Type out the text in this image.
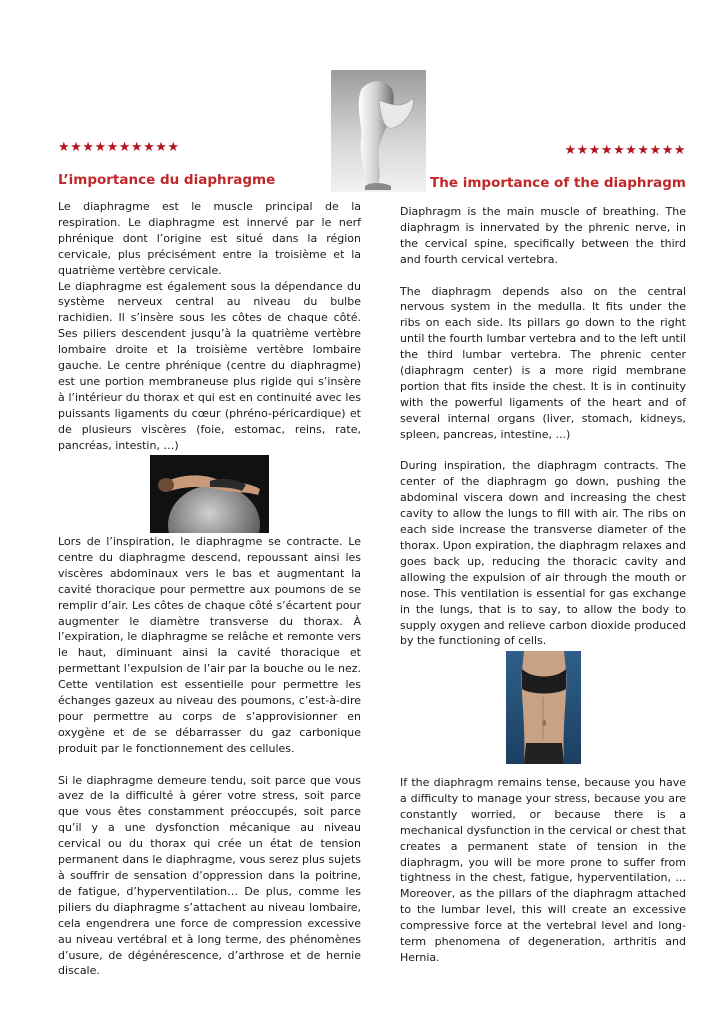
★★★★★★★★★★
L’importance du diaphragme

Le diaphragme est le muscle principal de la respiration. Le diaphragme est innervé par le nerf phrénique dont l’origine est situé dans la région cervicale, plus précisément entre la troisième et la quatrième vertèbre cervicale.

Le diaphragme est également sous la dépendance du système nerveux central au niveau du bulbe rachidien. Il s’insère sous les côtes de chaque côté. Ses piliers descendent jusqu’à la quatrième vertèbre lombaire droite et la troisième vertèbre lombaire gauche. Le centre phrénique (centre du diaphragme) est une portion membraneuse plus rigide qui s’insère à l’intérieur du thorax et qui est en continuité avec les puissants ligaments du cœur (phréno-péricardique) et de plusieurs viscères (foie, estomac, reins, rate, pancréas, intestin, …)

Lors de l’inspiration, le diaphragme se contracte. Le centre du diaphragme descend, repoussant ainsi les viscères abdominaux vers le bas et augmentant la cavité thoracique pour permettre aux poumons de se remplir d’air. Les côtes de chaque côté s’écartent pour augmenter le diamètre transverse du thorax. À l’expiration, le diaphragme se relâche et remonte vers le haut, diminuant ainsi la cavité thoracique et permettant l’expulsion de l’air par la bouche ou le nez. Cette ventilation est essentielle pour permettre les échanges gazeux au niveau des poumons, c’est-à-dire pour permettre au corps de s’approvisionner en oxygène et de se débarrasser du gaz carbonique produit par le fonctionnement des cellules.

Si le diaphragme demeure tendu, soit parce que vous avez de la difficulté à gérer votre stress, soit parce que vous êtes constamment préoccupés, soit parce qu’il y a une dysfonction mécanique au niveau cervical ou du thorax qui crée un état de tension permanent dans le diaphragme, vous serez plus sujets à souffrir de sensation d’oppression dans la poitrine, de fatigue, d’hyperventilation… De plus, comme les piliers du diaphragme s’attachent au niveau lombaire, cela engendrera une force de compression excessive au niveau vertébral et à long terme, des phénomènes d’usure, de dégénérescence, d’arthrose et de hernie discale.

★★★★★★★★★★
The importance of the diaphragm

Diaphragm is the main muscle of breathing. The diaphragm is innervated by the phrenic nerve, in the cervical spine, specifically between the third and fourth cervical vertebra.

The diaphragm depends also on the central nervous system in the medulla. It fits under the ribs on each side. Its pillars go down to the right until the fourth lumbar vertebra and to the left until the third lumbar vertebra. The phrenic center (diaphragm center) is a more rigid membrane portion that fits inside the chest. It is in continuity with the powerful ligaments of the heart and of several internal organs (liver, stomach, kidneys, spleen, pancreas, intestine, ...)

During inspiration, the diaphragm contracts. The center of the diaphragm go down, pushing the abdominal viscera down and increasing the chest cavity to allow the lungs to fill with air. The ribs on each side increase the transverse diameter of the thorax. Upon expiration, the diaphragm relaxes and goes back up, reducing the thoracic cavity and allowing the expulsion of air through the mouth or nose. This ventilation is essential for gas exchange in the lungs, that is to say, to allow the body to supply oxygen and relieve carbon dioxide produced by the functioning of cells.

If the diaphragm remains tense, because you have a difficulty to manage your stress, because you are constantly worried, or because there is a mechanical dysfunction in the cervical or chest that creates a permanent state of tension in the diaphragm, you will be more prone to suffer from tightness in the chest, fatigue, hyperventilation, ... Moreover, as the pillars of the diaphragm attached to the lumbar level, this will create an excessive compressive force at the vertebral level and long-term phenomena of degeneration, arthritis and Hernia.
